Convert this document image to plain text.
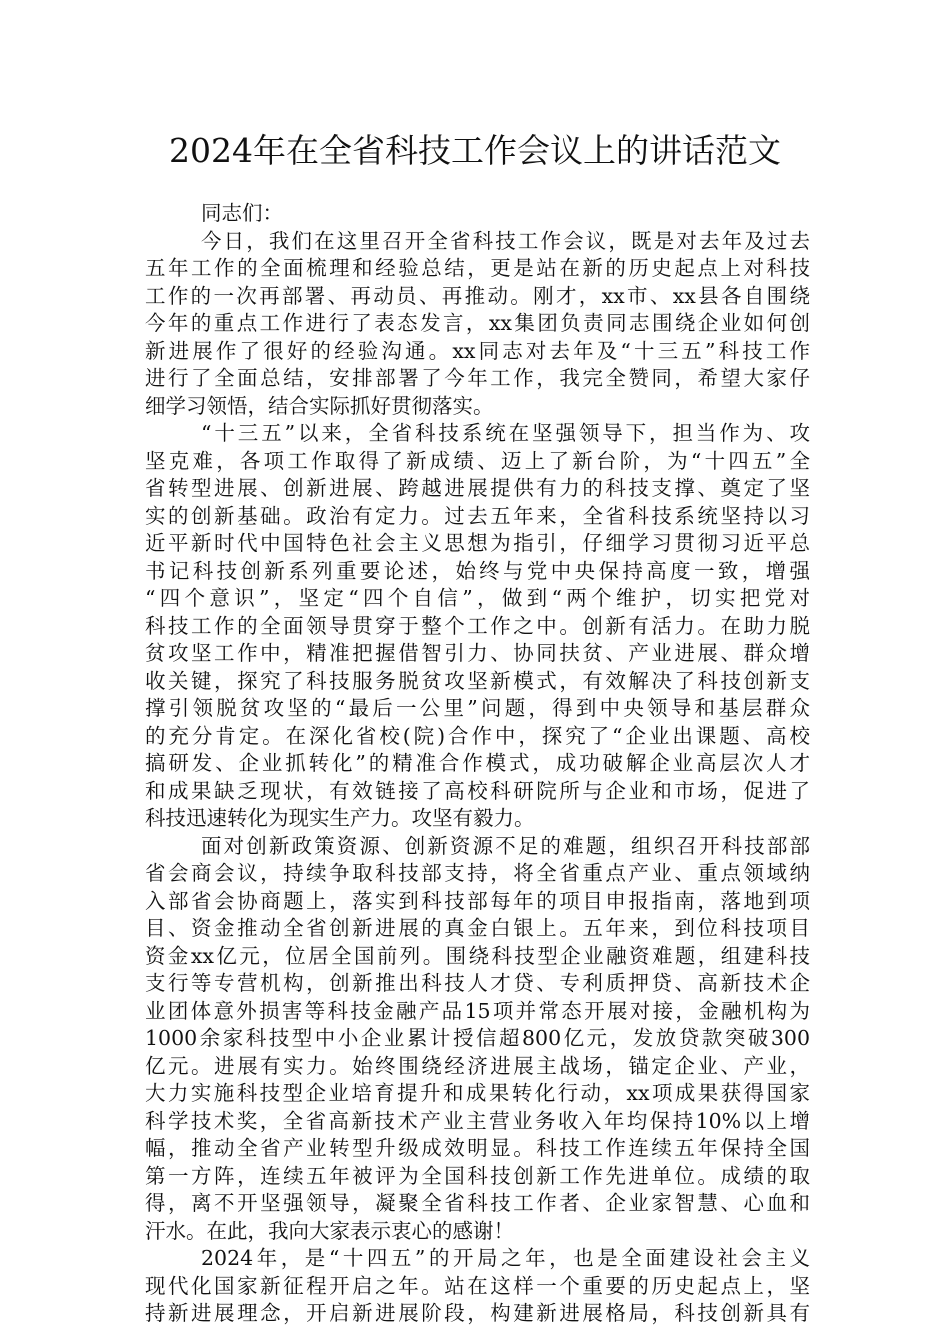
2024年在全省科技工作会议上的讲话范文
同志们：
今日，我们在这里召开全省科技工作会议，既是对去年及过去
五年工作的全面梳理和经验总结，更是站在新的历史起点上对科技
工作的一次再部署、再动员、再推动。刚才，xx市、xx县各自围绕
今年的重点工作进行了表态发言，xx集团负责同志围绕企业如何创
新进展作了很好的经验沟通。xx同志对去年及“十三五”科技工作
进行了全面总结，安排部署了今年工作，我完全赞同，希望大家仔
细学习领悟，结合实际抓好贯彻落实。
“十三五”以来，全省科技系统在坚强领导下，担当作为、攻
坚克难，各项工作取得了新成绩、迈上了新台阶，为“十四五”全
省转型进展、创新进展、跨越进展提供有力的科技支撑、奠定了坚
实的创新基础。政治有定力。过去五年来，全省科技系统坚持以习
近平新时代中国特色社会主义思想为指引，仔细学习贯彻习近平总
书记科技创新系列重要论述，始终与党中央保持高度一致，增强
“四个意识”，坚定“四个自信”，做到“两个维护，切实把党对
科技工作的全面领导贯穿于整个工作之中。创新有活力。在助力脱
贫攻坚工作中，精准把握借智引力、协同扶贫、产业进展、群众增
收关键，探究了科技服务脱贫攻坚新模式，有效解决了科技创新支
撑引领脱贫攻坚的“最后一公里”问题，得到中央领导和基层群众
的充分肯定。在深化省校(院)合作中，探究了“企业出课题、高校
搞研发、企业抓转化”的精准合作模式，成功破解企业高层次人才
和成果缺乏现状，有效链接了高校科研院所与企业和市场，促进了
科技迅速转化为现实生产力。攻坚有毅力。
面对创新政策资源、创新资源不足的难题，组织召开科技部部
省会商会议，持续争取科技部支持，将全省重点产业、重点领域纳
入部省会协商题上，落实到科技部每年的项目申报指南，落地到项
目、资金推动全省创新进展的真金白银上。五年来，到位科技项目
资金xx亿元，位居全国前列。围绕科技型企业融资难题，组建科技
支行等专营机构，创新推出科技人才贷、专利质押贷、高新技术企
业团体意外损害等科技金融产品15项并常态开展对接，金融机构为
1000余家科技型中小企业累计授信超800亿元，发放贷款突破300
亿元。进展有实力。始终围绕经济进展主战场，锚定企业、产业，
大力实施科技型企业培育提升和成果转化行动，xx项成果获得国家
科学技术奖，全省高新技术产业主营业务收入年均保持10%以上增
幅，推动全省产业转型升级成效明显。科技工作连续五年保持全国
第一方阵，连续五年被评为全国科技创新工作先进单位。成绩的取
得，离不开坚强领导，凝聚全省科技工作者、企业家智慧、心血和
汗水。在此，我向大家表示衷心的感谢！
2024年，是“十四五”的开局之年，也是全面建设社会主义
现代化国家新征程开启之年。站在这样一个重要的历史起点上，坚
持新进展理念，开启新进展阶段，构建新进展格局，科技创新具有
